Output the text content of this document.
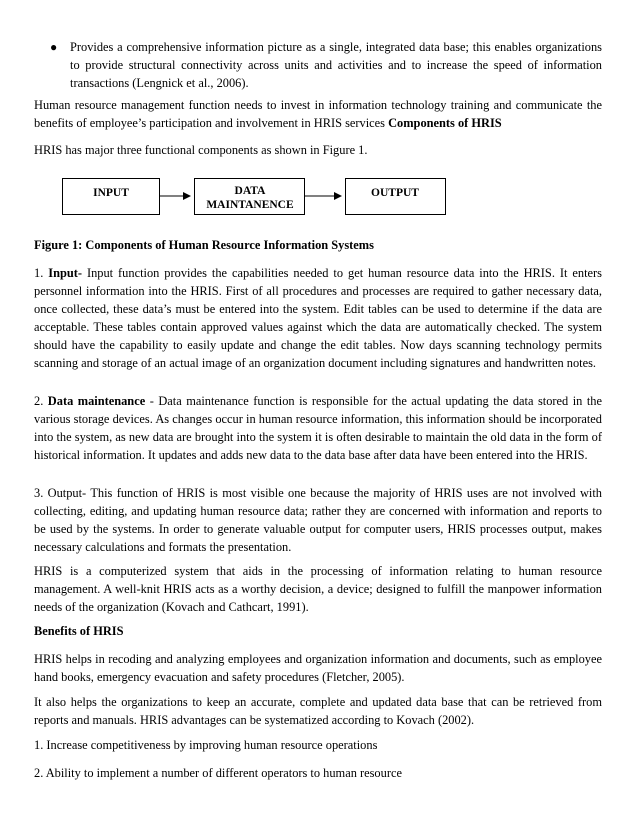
●	Provides a comprehensive information picture as a single, integrated data base; this enables organizations to provide structural connectivity across units and activities and to increase the speed of information transactions (Lengnick et al., 2006).

Human resource management function needs to invest in information technology training and communicate the benefits of employee’s participation and involvement in HRIS services Components of HRIS

HRIS has major three functional components as shown in Figure 1.

INPUT	DATA
MAINTANENCE
OUTPUT

Figure 1: Components of Human Resource Information Systems

1. Input- Input function provides the capabilities needed to get human resource data into the HRIS. It enters personnel information into the HRIS. First of all procedures and processes are required to gather necessary data, once collected, these data’s must be entered into the system. Edit tables can be used to determine if the data are acceptable. These tables contain approved values against which the data are automatically checked. The system should have the capability to easily update and change the edit tables. Now days scanning technology permits scanning and storage of an actual image of an organization document including signatures and handwritten notes.

2. Data maintenance - Data maintenance function is responsible for the actual updating the data stored in the various storage devices. As changes occur in human resource information, this information should be incorporated into the system, as new data are brought into the system it is often desirable to maintain the old data in the form of historical information. It updates and adds new data to the data base after data have been entered into the HRIS.

3. Output- This function of HRIS is most visible one because the majority of HRIS uses are not involved with collecting, editing, and updating human resource data; rather they are concerned with information and reports to be used by the systems. In order to generate valuable output for computer users, HRIS processes output, makes necessary calculations and formats the presentation.

HRIS is a computerized system that aids in the processing of information relating to human resource management. A well-knit HRIS acts as a worthy decision, a device; designed to fulfill the manpower information needs of the organization (Kovach and Cathcart, 1991).

Benefits of HRIS

HRIS helps in recoding and analyzing employees and organization information and documents, such as employee hand books, emergency evacuation and safety procedures (Fletcher, 2005).

It also helps the organizations to keep an accurate, complete and updated data base that can be retrieved from reports and manuals. HRIS advantages can be systematized according to Kovach (2002).

1. Increase competitiveness by improving human resource operations

2. Ability to implement a number of different operators to human resource
